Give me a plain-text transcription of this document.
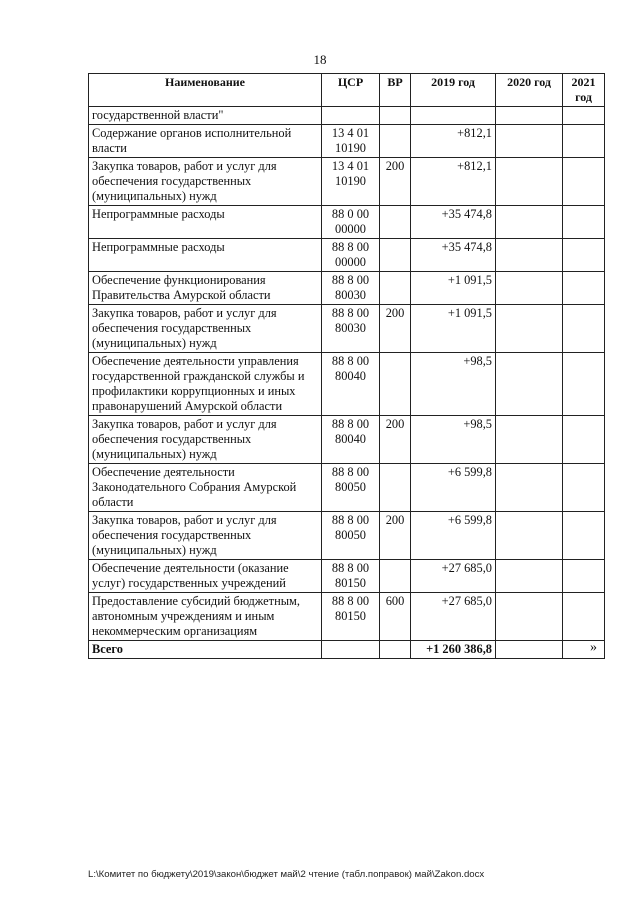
18
Наименование	ЦСР	ВР	2019 год	2020 год	2021 год
государственной власти"					
Содержание органов исполнительной власти	13 4 01 10190		+812,1		
Закупка товаров, работ и услуг для обеспечения государственных (муниципальных) нужд	13 4 01 10190	200	+812,1		
Непрограммные расходы	88 0 00 00000		+35 474,8		
Непрограммные расходы	88 8 00 00000		+35 474,8		
Обеспечение функционирования Правительства Амурской области	88 8 00 80030		+1 091,5		
Закупка товаров, работ и услуг для обеспечения государственных (муниципальных) нужд	88 8 00 80030	200	+1 091,5		
Обеспечение деятельности управления государственной гражданской службы и профилактики коррупционных и иных правонарушений Амурской области	88 8 00 80040		+98,5		
Закупка товаров, работ и услуг для обеспечения государственных (муниципальных) нужд	88 8 00 80040	200	+98,5		
Обеспечение деятельности Законодательного Собрания Амурской области	88 8 00 80050		+6 599,8		
Закупка товаров, работ и услуг для обеспечения государственных (муниципальных) нужд	88 8 00 80050	200	+6 599,8		
Обеспечение деятельности (оказание услуг) государственных учреждений	88 8 00 80150		+27 685,0		
Предоставление субсидий бюджетным, автономным учреждениям и иным некоммерческим организациям	88 8 00 80150	600	+27 685,0		
Всего			+1 260 386,8			»
L:\Комитет по бюджету\2019\закон\бюджет май\2 чтение (табл.поправок) май\Zakon.docx
